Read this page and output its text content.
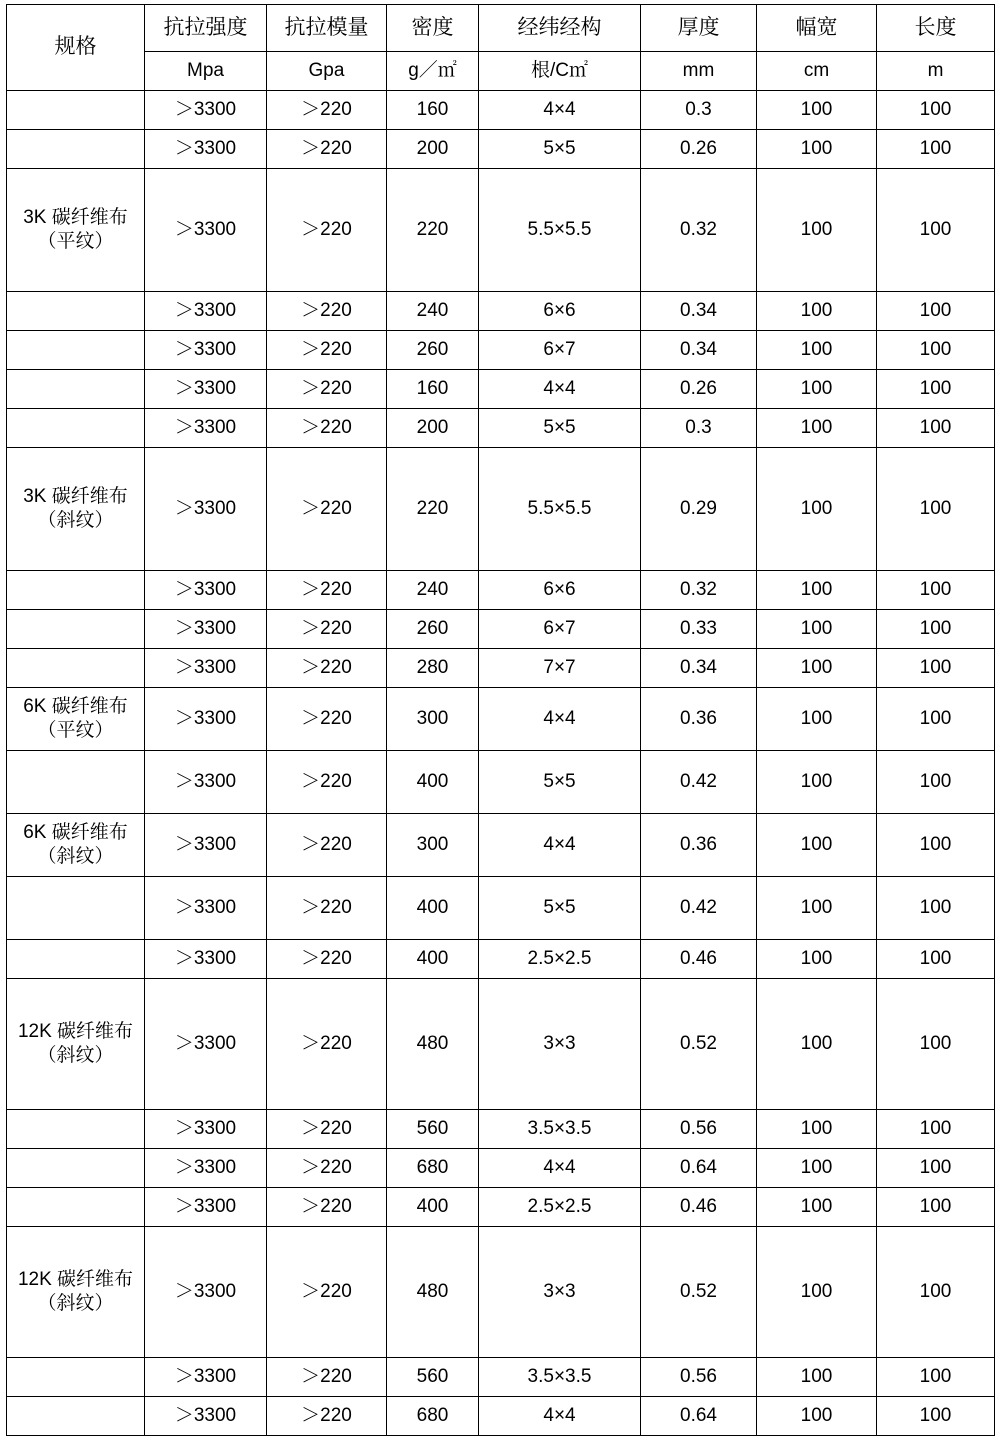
规格	抗拉强度	抗拉模量	密度	经纬经构	厚度	幅宽	长度
	Mpa	Gpa	g／㎡	根/C㎡	mm	cm	m
	＞3300	＞220	160	4×4	0.3	100	100
	＞3300	＞220	200	5×5	0.26	100	100
3K 碳纤维布（平纹）	＞3300	＞220	220	5.5×5.5	0.32	100	100
	＞3300	＞220	240	6×6	0.34	100	100
	＞3300	＞220	260	6×7	0.34	100	100
	＞3300	＞220	160	4×4	0.26	100	100
	＞3300	＞220	200	5×5	0.3	100	100
3K 碳纤维布（斜纹）	＞3300	＞220	220	5.5×5.5	0.29	100	100
	＞3300	＞220	240	6×6	0.32	100	100
	＞3300	＞220	260	6×7	0.33	100	100
	＞3300	＞220	280	7×7	0.34	100	100
6K 碳纤维布（平纹）	＞3300	＞220	300	4×4	0.36	100	100
	＞3300	＞220	400	5×5	0.42	100	100
6K 碳纤维布（斜纹）	＞3300	＞220	300	4×4	0.36	100	100
	＞3300	＞220	400	5×5	0.42	100	100
	＞3300	＞220	400	2.5×2.5	0.46	100	100
12K 碳纤维布（斜纹）	＞3300	＞220	480	3×3	0.52	100	100
	＞3300	＞220	560	3.5×3.5	0.56	100	100
	＞3300	＞220	680	4×4	0.64	100	100
	＞3300	＞220	400	2.5×2.5	0.46	100	100
12K 碳纤维布（斜纹）	＞3300	＞220	480	3×3	0.52	100	100
	＞3300	＞220	560	3.5×3.5	0.56	100	100
	＞3300	＞220	680	4×4	0.64	100	100
